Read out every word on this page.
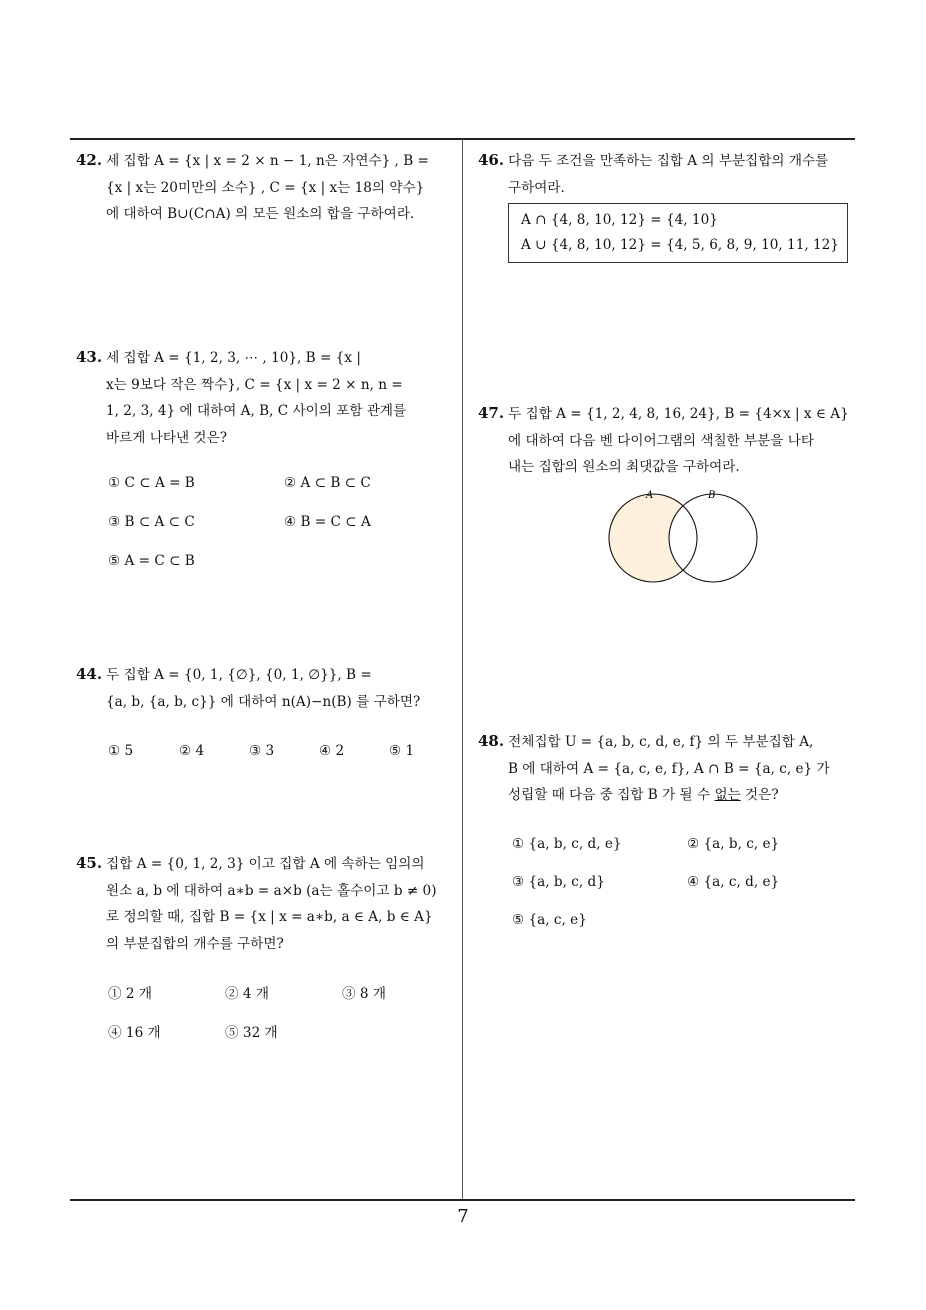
42. 세 집합 A = {x | x = 2 × n − 1, n은 자연수} , B =
{x | x는 20미만의 소수} , C = {x | x는 18의 약수}
에 대하여 B∪(C∩A) 의 모든 원소의 합을 구하여라.
43. 세 집합 A = {1, 2, 3, ⋯ , 10}, B = {x |
x는 9보다 작은 짝수}, C = {x | x = 2 × n, n =
1, 2, 3, 4} 에 대하여 A, B, C 사이의 포함 관계를
바르게 나타낸 것은?
① C ⊂ A = B	② A ⊂ B ⊂ C
③ B ⊂ A ⊂ C	④ B = C ⊂ A
⑤ A = C ⊂ B
44. 두 집합 A = {0, 1, {∅}, {0, 1, ∅}}, B =
{a, b, {a, b, c}} 에 대하여 n(A)−n(B) 를 구하면?
① 5	② 4	③ 3	④ 2	⑤ 1
45. 집합 A = {0, 1, 2, 3} 이고 집합 A 에 속하는 임의의
원소 a, b 에 대하여 a∗b = a×b (a는 홀수이고 b ≠ 0)
로 정의할 때, 집합 B = {x | x = a∗b, a ∈ A, b ∈ A}
의 부분집합의 개수를 구하면?
① 2 개	② 4 개	③ 8 개
④ 16 개	⑤ 32 개
46. 다음 두 조건을 만족하는 집합 A 의 부분집합의 개수를
구하여라.
A ∩ {4, 8, 10, 12} = {4, 10}
A ∪ {4, 8, 10, 12} = {4, 5, 6, 8, 9, 10, 11, 12}
47. 두 집합 A = {1, 2, 4, 8, 16, 24}, B = {4×x | x ∈ A}
에 대하여 다음 벤 다이어그램의 색칠한 부분을 나타
내는 집합의 원소의 최댓값을 구하여라.
A	B
48. 전체집합 U = {a, b, c, d, e, f} 의 두 부분집합 A,
B 에 대하여 A = {a, c, e, f}, A ∩ B = {a, c, e} 가
성립할 때 다음 중 집합 B 가 될 수 없는 것은?
① {a, b, c, d, e}	② {a, b, c, e}
③ {a, b, c, d}	④ {a, c, d, e}
⑤ {a, c, e}
7
